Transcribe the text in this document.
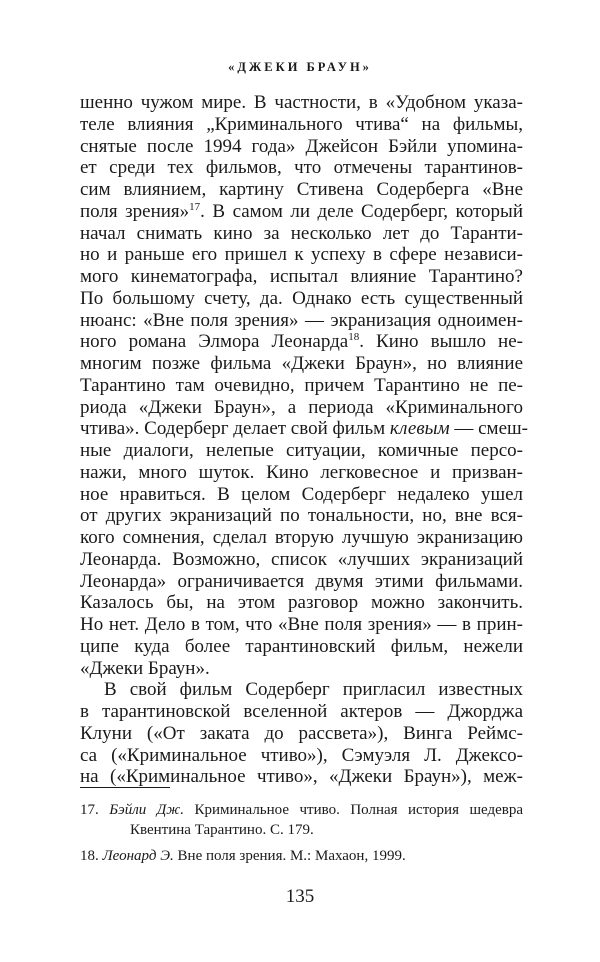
«ДЖЕКИ БРАУН»
шенно чужом мире. В частности, в «Удобном указа-
теле влияния „Криминального чтива“ на фильмы,
снятые после 1994 года» Джейсон Бэйли упомина-
ет среди тех фильмов, что отмечены тарантинов-
сим влиянием, картину Стивена Содерберга «Вне
поля зрения»$^{17}$. В самом ли деле Содерберг, который
начал снимать кино за несколько лет до Таранти-
но и раньше его пришел к успеху в сфере независи-
мого кинематографа, испытал влияние Тарантино?
По большому счету, да. Однако есть существенный
нюанс: «Вне поля зрения» — экранизация одноимен-
ного романа Элмора Леонарда$^{18}$. Кино вышло не-
многим позже фильма «Джеки Браун», но влияние
Тарантино там очевидно, причем Тарантино не пе-
риода «Джеки Браун», а периода «Криминального
чтива». Содерберг делает свой фильм клевым — смеш-
ные диалоги, нелепые ситуации, комичные персо-
нажи, много шуток. Кино легковесное и призван-
ное нравиться. В целом Содерберг недалеко ушел
от других экранизаций по тональности, но, вне вся-
кого сомнения, сделал вторую лучшую экранизацию
Леонарда. Возможно, список «лучших экранизаций
Леонарда» ограничивается двумя этими фильмами.
Казалось бы, на этом разговор можно закончить.
Но нет. Дело в том, что «Вне поля зрения» — в прин-
ципе куда более тарантиновский фильм, нежели
«Джеки Браун».
В свой фильм Содерберг пригласил известных
в тарантиновской вселенной актеров — Джорджа
Клуни («От заката до рассвета»), Винга Реймс-
са («Криминальное чтиво»), Сэмуэля Л. Джексо-
на («Криминальное чтиво», «Джеки Браун»), меж-
17. Бэйли Дж. Криминальное чтиво. Полная история шедевра
Квентина Тарантино. С. 179.
18. Леонард Э. Вне поля зрения. М.: Махаон, 1999.
135
